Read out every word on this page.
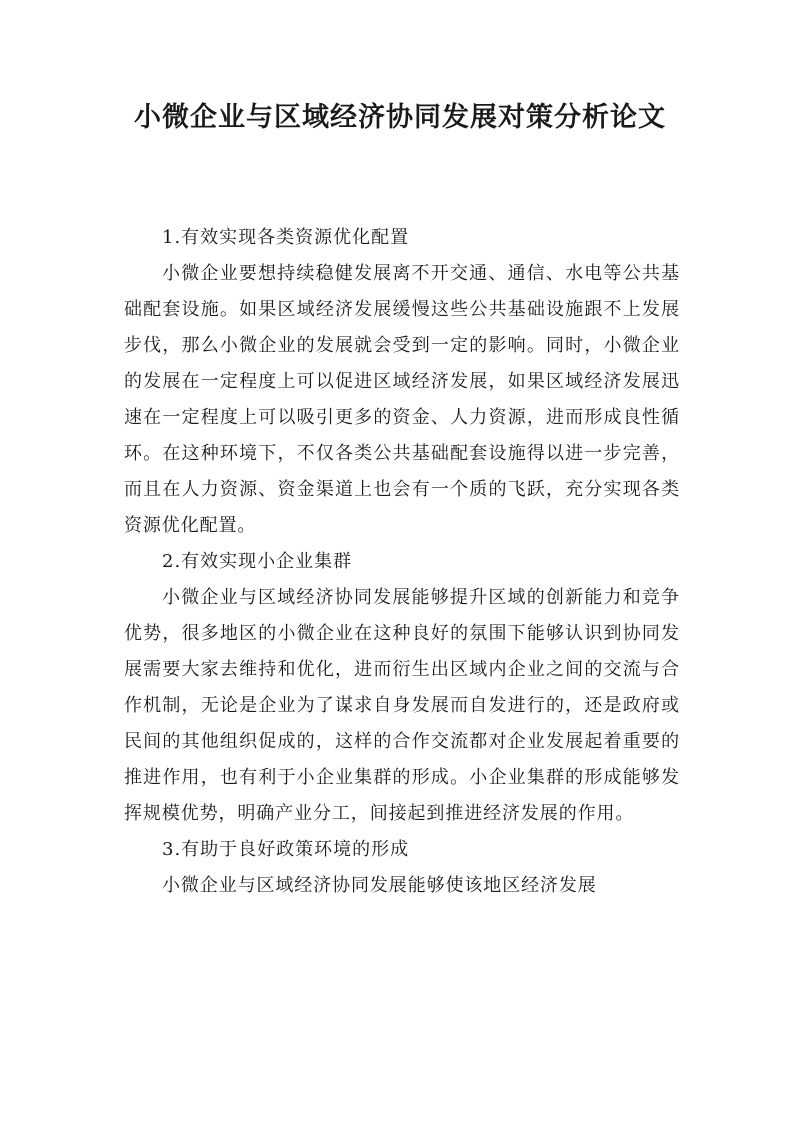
小微企业与区域经济协同发展对策分析论文

1.有效实现各类资源优化配置

小微企业要想持续稳健发展离不开交通、通信、水电等公共基础配套设施。如果区域经济发展缓慢这些公共基础设施跟不上发展步伐，那么小微企业的发展就会受到一定的影响。同时，小微企业的发展在一定程度上可以促进区域经济发展，如果区域经济发展迅速在一定程度上可以吸引更多的资金、人力资源，进而形成良性循环。在这种环境下，不仅各类公共基础配套设施得以进一步完善，而且在人力资源、资金渠道上也会有一个质的飞跃，充分实现各类资源优化配置。

2.有效实现小企业集群

小微企业与区域经济协同发展能够提升区域的创新能力和竞争优势，很多地区的小微企业在这种良好的氛围下能够认识到协同发展需要大家去维持和优化，进而衍生出区域内企业之间的交流与合作机制，无论是企业为了谋求自身发展而自发进行的，还是政府或民间的其他组织促成的，这样的合作交流都对企业发展起着重要的推进作用，也有利于小企业集群的形成。小企业集群的形成能够发挥规模优势，明确产业分工，间接起到推进经济发展的作用。

3.有助于良好政策环境的形成

小微企业与区域经济协同发展能够使该地区经济发展
